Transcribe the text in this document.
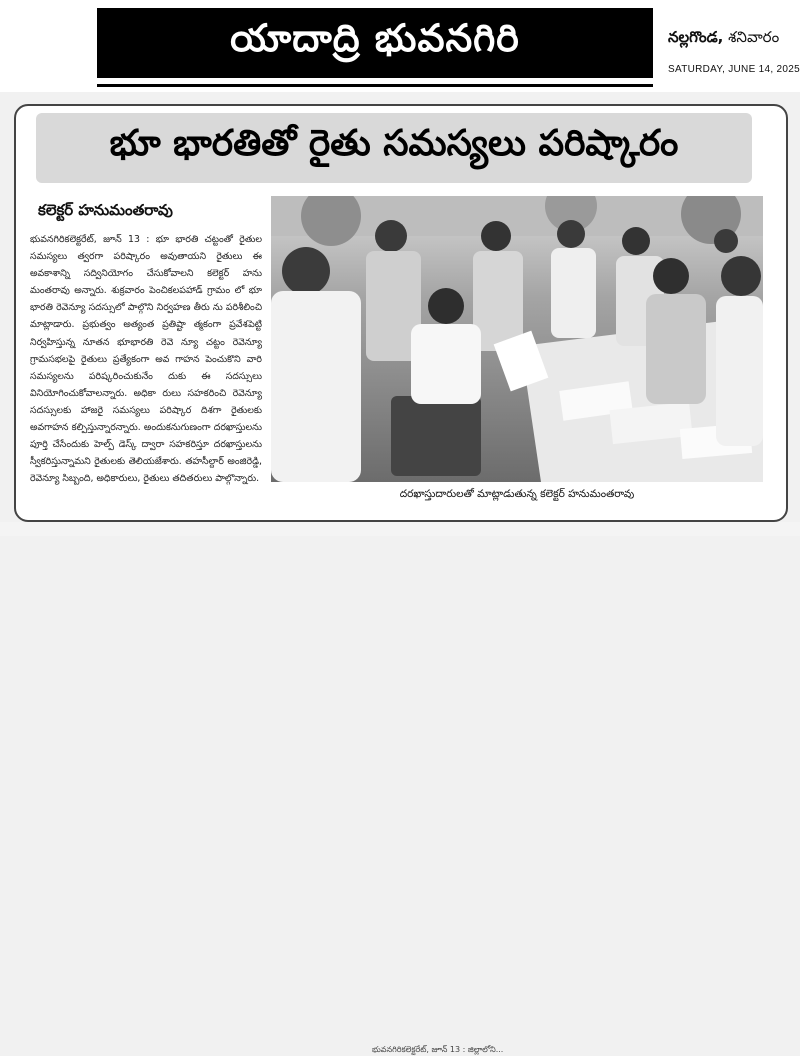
యాదాద్రి భువనగిరి	నల్లగొండ, శనివారం
SATURDAY, JUNE 14, 2025
భూ భారతితో రైతు సమస్యలు పరిష్కారం
కలెక్టర్ హనుమంతరావు
భువనగిరికలెక్టరేట్, జూన్ 13 : భూ భారతి చట్టంతో రైతుల సమస్యలు త్వరగా పరిష్కారం అవుతాయని రైతులు ఈ అవకాశాన్ని సద్వినియోగం చేసుకోవాలని కలెక్టర్ హను మంతరావు అన్నారు. శుక్రవారం పెంచికలపహాడ్ గ్రామం లో భూ భారతి రెవెన్యూ సదస్సులో పాల్గొని నిర్వహణ తీరు ను పరిశీలించి మాట్లాడారు. ప్రభుత్వం అత్యంత ప్రతిష్టా త్మకంగా ప్రవేశపెట్టి నిర్వహిస్తున్న నూతన భూభారతి రెవె న్యూ చట్టం రెవెన్యూ గ్రామసభలపై రైతులు ప్రత్యేకంగా అవ గాహన పెంచుకొని వారి సమస్యలను పరిష్కరించుకునేం దుకు ఈ సదస్సులు వినియోగించుకోవాలన్నారు. అధికా రులు సహకరించి రెవెన్యూ సదస్సులకు హాజరై సమస్యలు పరిష్కార దిశగా రైతులకు అవగాహన కల్పిస్తున్నారన్నారు. అందుకనుగుణంగా దరఖాస్తులను పూర్తి చేసేందుకు హెల్ప్ డెస్క్ ద్వారా సహకరిస్తూ దరఖాస్తులను స్వీకరిస్తున్నామని రైతులకు తెలియజేశారు. తహసీల్దార్ అంజిరెడ్డి, రెవెన్యూ సిబ్బంది, అధికారులు, రైతులు తదితరులు పాల్గొన్నారు.
దరఖాస్తుదారులతో మాట్లాడుతున్న కలెక్టర్ హనుమంతరావు
భువనగిరికలెక్టరేట్, జూన్ 13 : జిల్లాలోని...
